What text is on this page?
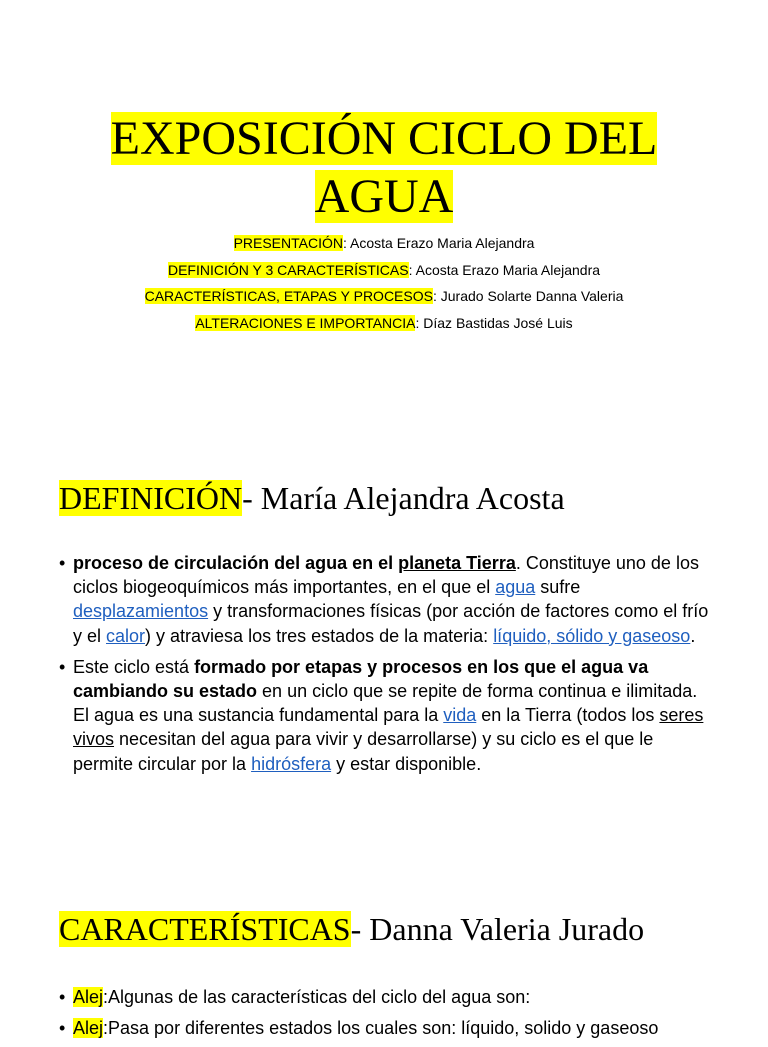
EXPOSICIÓN CICLO DEL
AGUA
PRESENTACIÓN: Acosta Erazo Maria Alejandra
DEFINICIÓN Y 3 CARACTERÍSTICAS: Acosta Erazo Maria Alejandra
CARACTERÍSTICAS, ETAPAS Y PROCESOS: Jurado Solarte Danna Valeria
ALTERACIONES E IMPORTANCIA: Díaz Bastidas José Luis
DEFINICIÓN- María Alejandra Acosta
• proceso de circulación del agua en el planeta Tierra. Constituye uno de los ciclos biogeoquímicos más importantes, en el que el agua sufre desplazamientos y transformaciones físicas (por acción de factores como el frío y el calor) y atraviesa los tres estados de la materia: líquido, sólido y gaseoso.
• Este ciclo está formado por etapas y procesos en los que el agua va cambiando su estado en un ciclo que se repite de forma continua e ilimitada. El agua es una sustancia fundamental para la vida en la Tierra (todos los seres vivos necesitan del agua para vivir y desarrollarse) y su ciclo es el que le permite circular por la hidrósfera y estar disponible.
CARACTERÍSTICAS- Danna Valeria Jurado
• Alej:Algunas de las características del ciclo del agua son:
• Alej:Pasa por diferentes estados los cuales son: líquido, solido y gaseoso
